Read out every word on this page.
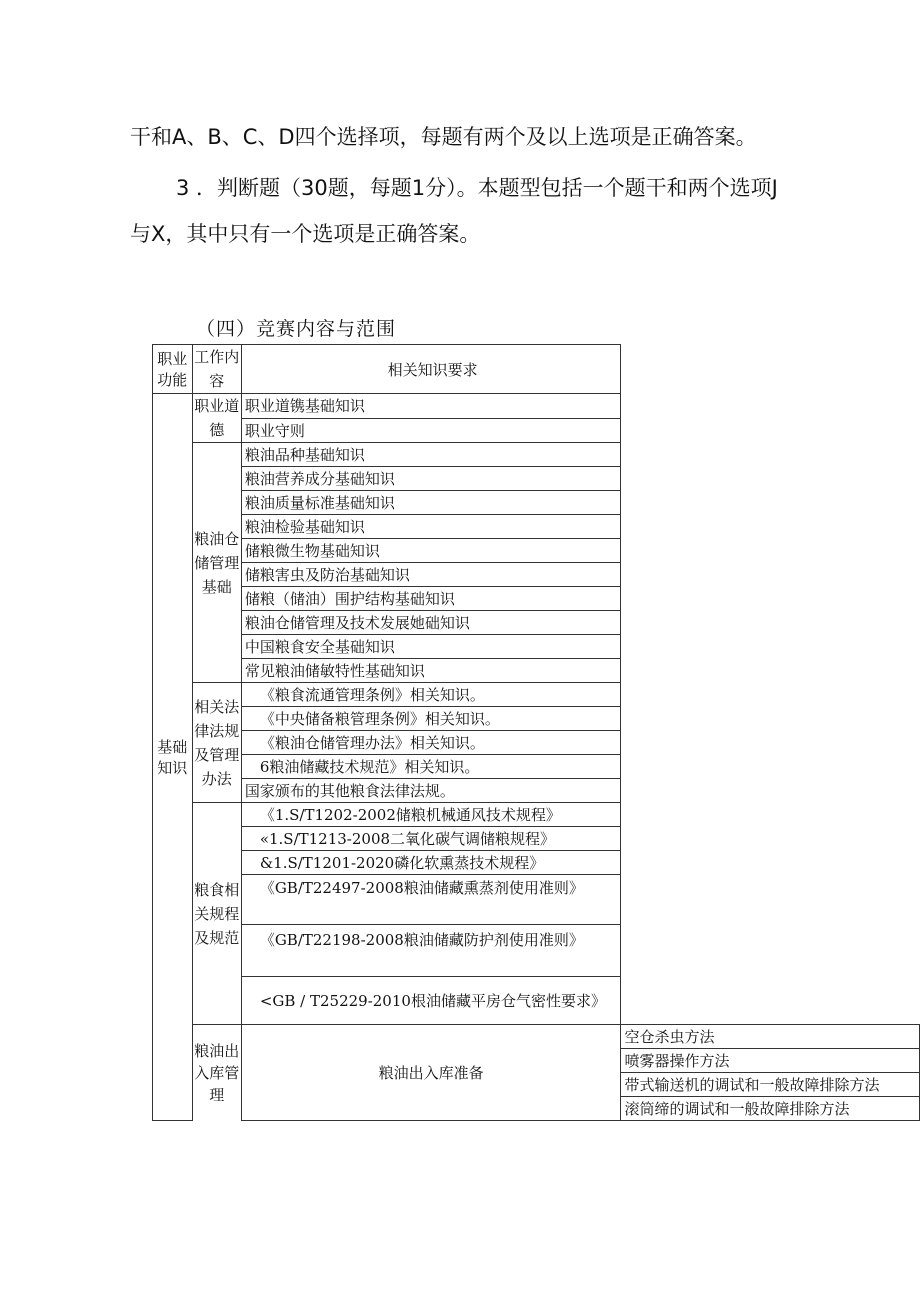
干和A、B、C、D四个选择项，每题有两个及以上选项是正确答案。
3 ．判断题（30题，每题1分）。本题型包括一个题干和两个选项J
与X，其中只有一个选项是正确答案。
（四）竞赛内容与范围
职业功能	工作内容	相关知识要求	
基础知识	职业道德	职业道镌基础知识	
		职业守则	
	粮油仓储管理基础	粮油品种基础知识	
		粮油营养成分基础知识	
		粮油质量标准基础知识	
		粮油检验基础知识	
		储粮微生物基础知识	
		储粮害虫及防治基础知识	
		储粮（储油）围护结构基础知识	
		粮油仓储管理及技术发展她础知识	
		中国粮食安全基础知识	
		常见粮油储敏特性基础知识	
	相关法律法规及管理办法	《粮食流通管理条例》相关知识。	
		《中央储备粮管理条例》相关知识。	
		《粮油仓储管理办法》相关知识。	
		6粮油储藏技术规范》相关知识。	
		国家颁布的其他粮食法律法规。	
	粮食相关规程及规范	《1.S/T1202-2002储粮机械通风技术规程》	
		«1.S/T1213-2008二氧化碳气调储粮规程》	
		&1.S/T1201-2020磷化软熏蒸技术规程》	
		《GB/T22497-2008粮油储藏熏蒸剂使用准则》	
		《GB/T22198-2008粮油储藏防护剂使用准则》	
		<GB / T25229-2010根油储藏平房仓气密性要求》	
	粮油出入库管理	粮油出入库准备	空仓杀虫方法
			喷雾器操作方法
			带式输送机的调试和一般故障排除方法
			滚筒缔的调试和一般故障排除方法
